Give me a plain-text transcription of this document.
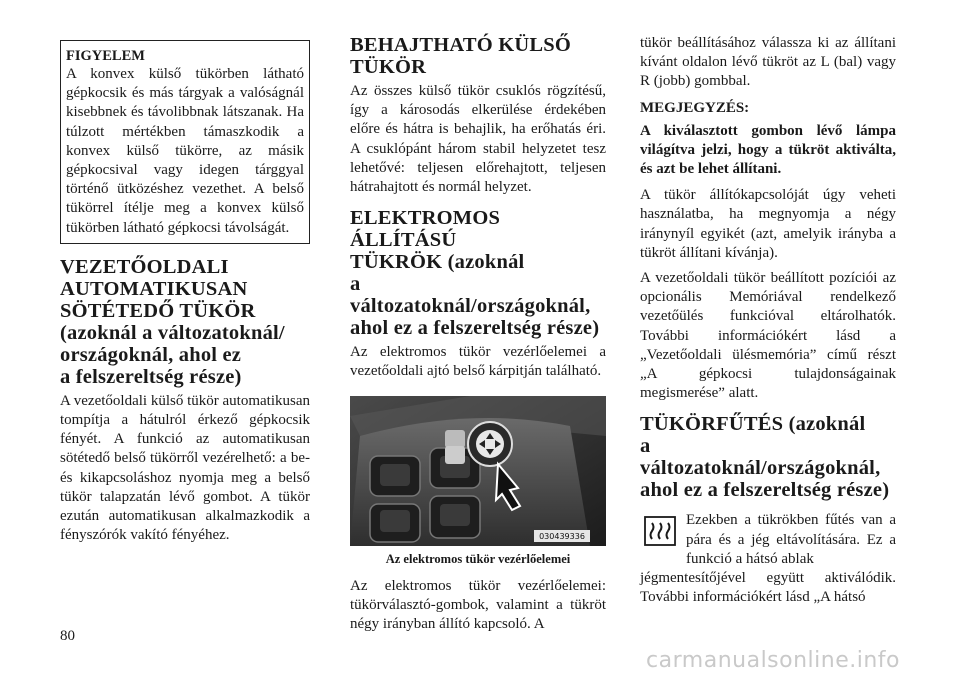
FIGYELEM

A konvex külső tükörben látható gépkocsik és más tárgyak a valóságnál kisebbnek és távolibbnak látszanak. Ha túlzott mértékben támaszkodik a konvex külső tükörre, az másik gépkocsival vagy idegen tárggyal történő ütközéshez vezethet. A belső tükörrel ítélje meg a konvex külső tükörben látható gépkocsi távolságát.

VEZETŐOLDALI
AUTOMATIKUSAN
SÖTÉTEDŐ TÜKÖR
(azoknál a változatoknál/
országoknál, ahol ez
a felszereltség része)

A vezetőoldali külső tükör automatikusan tompítja a hátulról érkező gépkocsik fényét. A funkció az automatikusan sötétedő belső tükörről vezérelhető: a be- és kikapcsoláshoz nyomja meg a belső tükör talapzatán lévő gombot. A tükör ezután automatikusan alkalmazkodik a fényszórók vakító fényéhez.

BEHAJTHATÓ KÜLSŐ
TÜKÖR

Az összes külső tükör csuklós rögzítésű, így a károsodás elkerülése érdekében előre és hátra is behajlik, ha erőhatás éri. A csuklópánt három stabil helyzetet tesz lehetővé: teljesen előrehajtott, teljesen hátrahajtott és normál helyzet.

ELEKTROMOS ÁLLÍTÁSÚ
TÜKRÖK (azoknál
a változatoknál/országoknál,
ahol ez a felszereltség része)

Az elektromos tükör vezérlőelemei a vezetőoldali ajtó belső kárpitján található.

030439336

Az elektromos tükör vezérlőelemei

Az elektromos tükör vezérlőelemei: tükörválasztó-gombok, valamint a tükröt négy irányban állító kapcsoló. A

tükör beállításához válassza ki az állítani kívánt oldalon lévő tükröt az L (bal) vagy R (jobb) gombbal.

MEGJEGYZÉS:

A kiválasztott gombon lévő lámpa világítva jelzi, hogy a tükröt aktiválta, és azt be lehet állítani.

A tükör állítókapcsolóját úgy veheti használatba, ha megnyomja a négy iránynyíl egyikét (azt, amelyik irányba a tükröt állítani kívánja).

A vezetőoldali tükör beállított pozíciói az opcionális Memóriával rendelkező vezetőülés funkcióval eltárolhatók. További információkért lásd a „Vezetőoldali ülésmemória” című részt „A gépkocsi tulajdonságainak megismerése” alatt.

TÜKÖRFŰTÉS (azoknál
a változatoknál/országoknál,
ahol ez a felszereltség része)

Ezekben a tükrökben fűtés van a pára és a jég eltávolítására. Ez a funkció a hátsó ablak
jégmentesítőjével együtt aktiválódik. További információkért lásd „A hátsó

80
carmanualsonline.info
